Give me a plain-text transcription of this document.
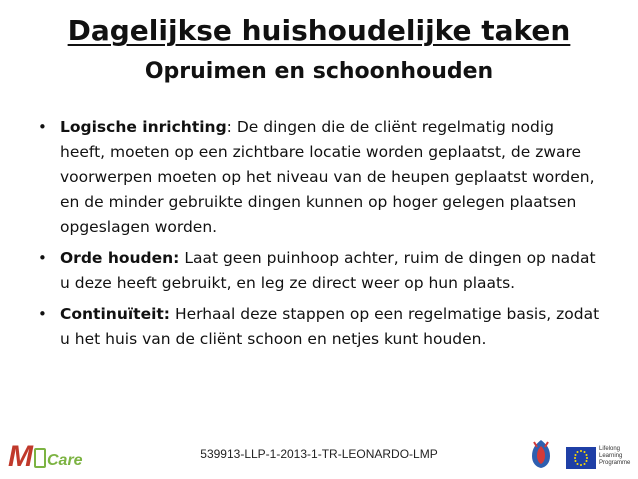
Dagelijkse huishoudelijke taken
Opruimen en schoonhouden
• Logische inrichting: De dingen die de cliënt regelmatig nodig heeft, moeten op een zichtbare locatie worden geplaatst, de zware voorwerpen moeten op het niveau van de heupen geplaatst worden, en de minder gebruikte dingen kunnen op hoger gelegen plaatsen opgeslagen worden.
• Orde houden: Laat geen puinhoop achter, ruim de dingen op nadat u deze heeft gebruikt, en leg ze direct weer op hun plaats.
• Continuïteit: Herhaal deze stappen op een regelmatige basis, zodat u het huis van de cliënt schoon en netjes kunt houden.
M Care	539913-LLP-1-2013-1-TR-LEONARDO-LMP	Lifelong
Learning
Programme
